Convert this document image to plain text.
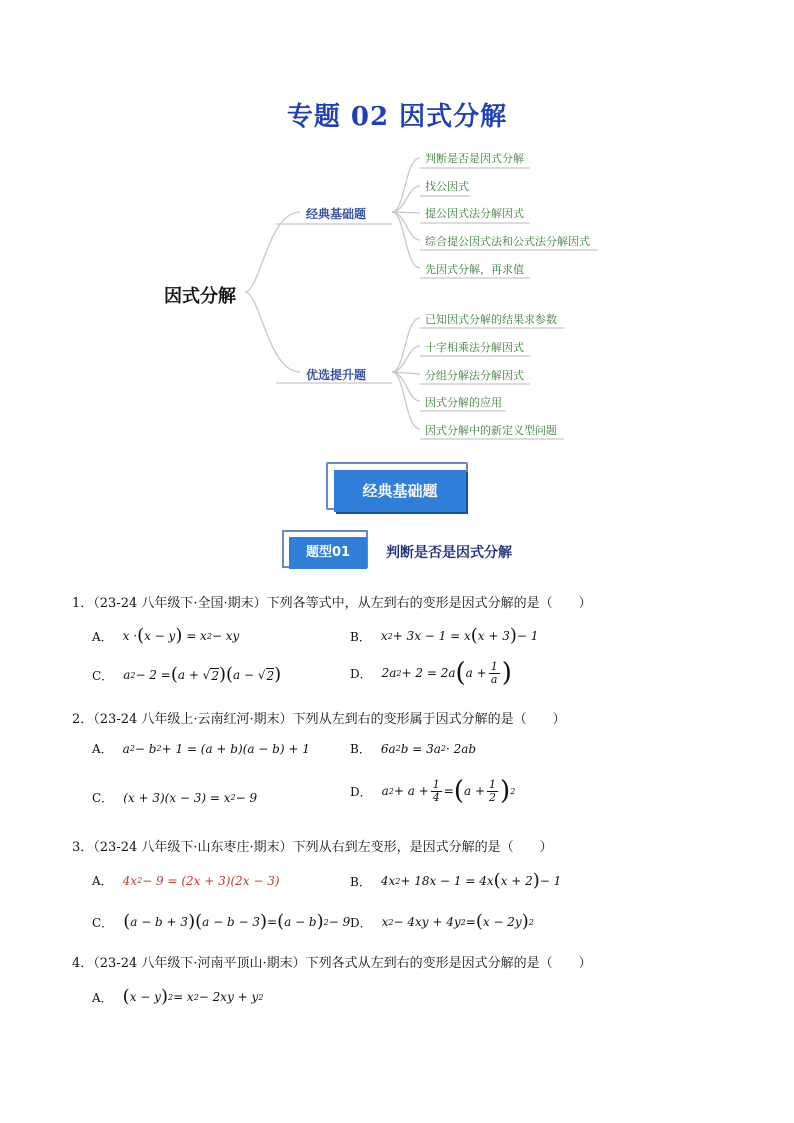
专题 02 因式分解
因式分解
经典基础题
优选提升题
判断是否是因式分解
找公因式
提公因式法分解因式
综合提公因式法和公式法分解因式
先因式分解，再求值
已知因式分解的结果求参数
十字相乘法分解因式
分组分解法分解因式
因式分解的应用
因式分解中的新定义型问题
经典基础题
题型01	判断是否是因式分解
1．（23-24 八年级下·全国·期末）下列各等式中，从左到右的变形是因式分解的是（　　）
A． x · ( x − y ) = x 2 − xy	B． x 2 + 3x − 1 = x ( x + 3 ) − 1
C． a 2 − 2 = ( a + √ 2 ) ( a − √ 2 )	D． 2a 2 + 2 = 2a ( $a + \frac{1}{a}$ )
2．（23-24 八年级上·云南红河·期末）下列从左到右的变形属于因式分解的是（　　）
A． a 2 − b 2 + 1 = (a + b)(a − b) + 1	B． 6a 2 b = 3a 2 · 2ab
C． (x + 3)(x − 3) = x 2 − 9	D． a $2 + a + \frac{1}{4}$ = ( $a + \frac{1}{2}$ ) 2
3．（23-24 八年级下·山东枣庄·期末）下列从右到左变形，是因式分解的是（　　）
A． 4x 2 − 9 = (2x + 3)(2x − 3)	B． 4x 2 + 18x − 1 = 4x ( x + 2 ) − 1
C． ( a − b + 3 ) ( a − b − 3 ) = ( a − b ) 2 − 9 D． x 2 − 4xy + 4y 2 = ( x − 2y ) 2
4．（23-24 八年级下·河南平顶山·期末）下列各式从左到右的变形是因式分解的是（　　）
A． ( x − y ) 2 = x 2 − 2xy + y 2
